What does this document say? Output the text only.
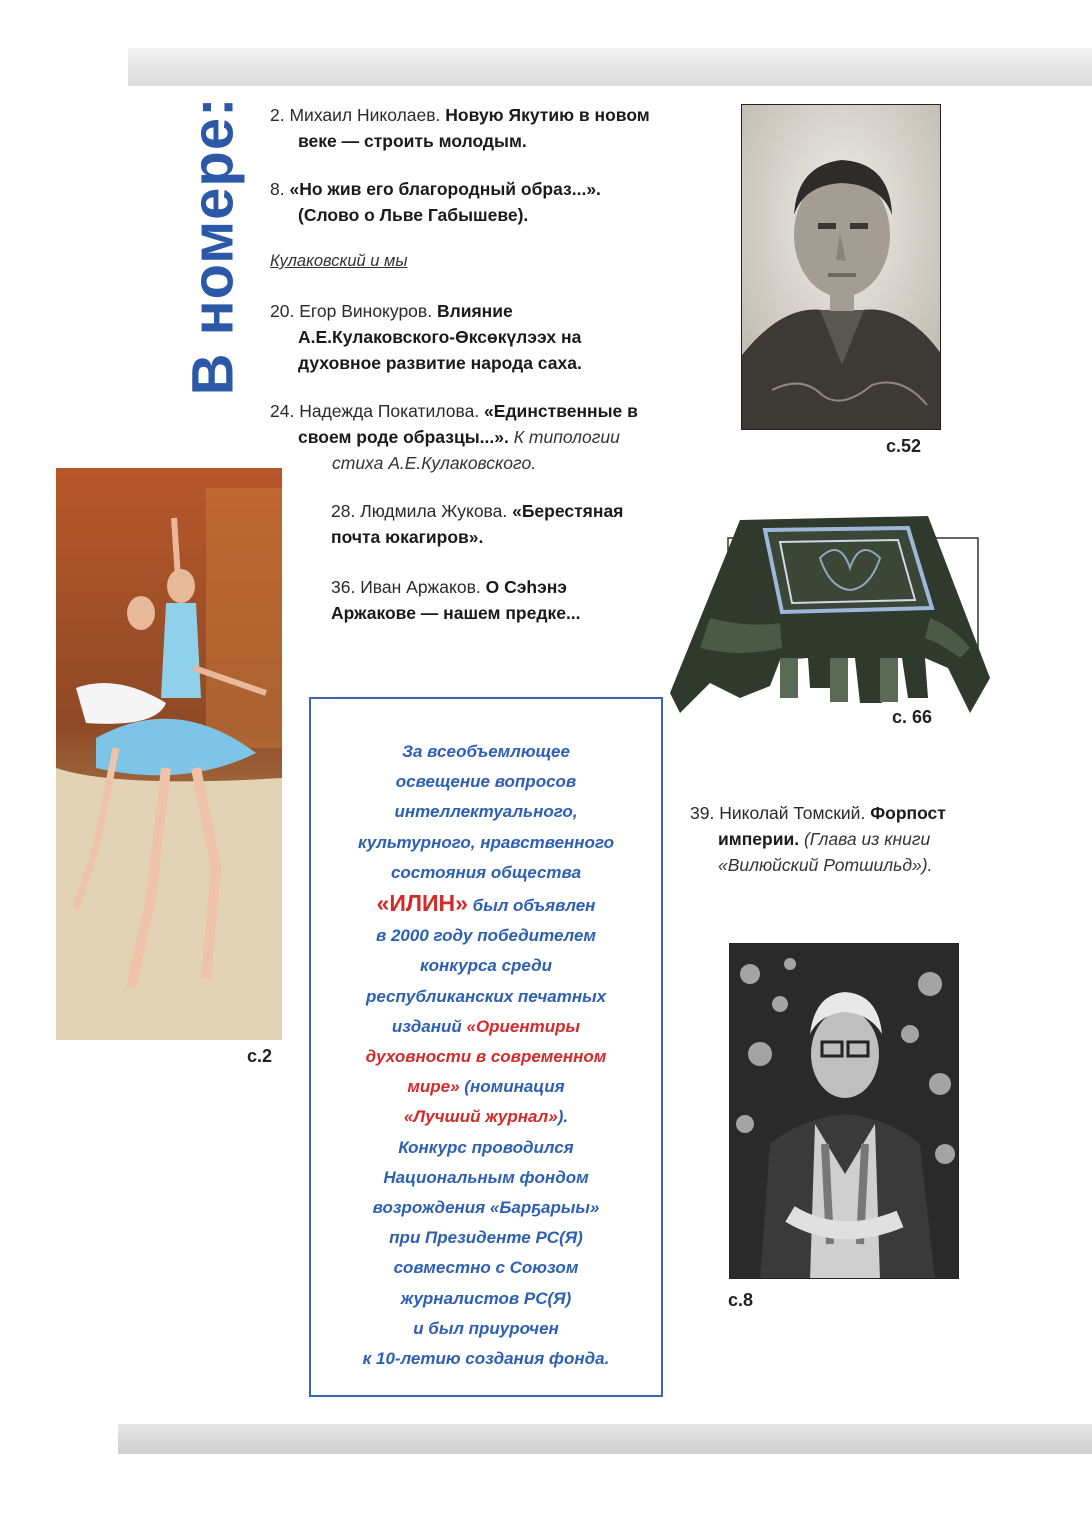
В номере: 2. Михаил Николаев. Новую Якутию в новом
веке — строить молодым.
8. «Но жив его благородный образ...».
(Слово о Льве Габышеве).
Кулаковский и мы
20. Егор Винокуров. Влияние
А.Е.Кулаковского-Өксөкүлээх на
духовное развитие народа саха.
24. Надежда Покатилова. «Единственные в
своем роде образцы...». К типологии
стиха А.Е.Кулаковского.
28. Людмила Жукова. «Берестяная
почта юкагиров».
36. Иван Аржаков. О Сэһэнэ
Аржакове — нашем предке...
39. Николай Томский. Форпост
империи. (Глава из книги
«Вилюйский Ротшильд»).
с.52
с. 66
с.2
с.8
За всеобъемлющее
освещение вопросов
интеллектуального,
культурного, нравственного
состояния общества
«ИЛИН» был объявлен
в 2000 году победителем
конкурса среди
республиканских печатных
изданий «Ориентиры
духовности в современном
мире» (номинация
«Лучший журнал»).
Конкурс проводился
Национальным фондом
возрождения «Барҕарыы»
при Президенте РС(Я)
совместно с Союзом
журналистов РС(Я)
и был приурочен
к 10-летию создания фонда.
